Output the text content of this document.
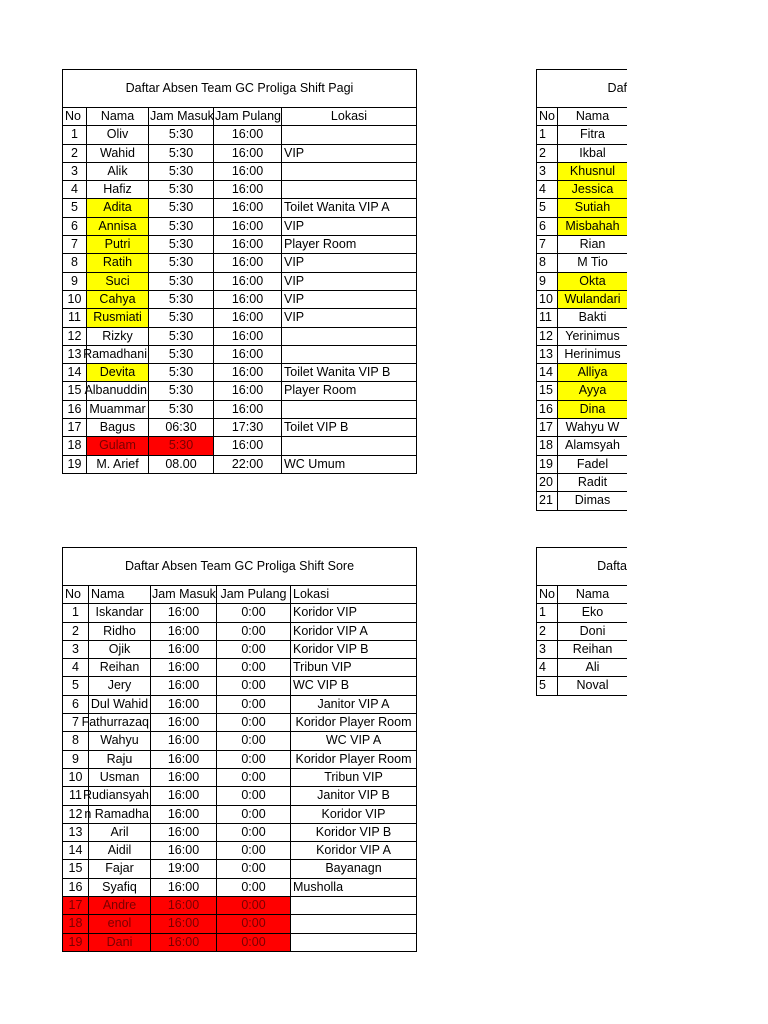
Daftar Absen Team GC Proliga Shift Pagi
No	Nama	Jam Masuk Jam Pulang	Lokasi
1	Oliv	5:30	16:00
2	Wahid	5:30	16:00	VIP
3	Alik	5:30	16:00
4	Hafiz	5:30	16:00
5	Adita	5:30	16:00	Toilet Wanita VIP A
6	Annisa	5:30	16:00	VIP
7	Putri	5:30	16:00	Player Room
8	Ratih	5:30	16:00	VIP
9	Suci	5:30	16:00	VIP
10	Cahya	5:30	16:00	VIP
11 Rusmiati	5:30	16:00	VIP
12	Rizky	5:30	16:00
13 Ramadhani	5:30	16:00
14	Devita	5:30	16:00	Toilet Wanita VIP B
15 Albanuddin	5:30	16:00	Player Room
16 Muammar	5:30	16:00
17	Bagus	06:30	17:30	Toilet VIP B
18	Gulam	5:30	16:00
19	M. Arief	08.00	22:00	WC Umum
Daf
No	Nama
1	Fitra
2	Ikbal
3	Khusnul
4	Jessica
5	Sutiah
6	Misbahah
7	Rian
8	M Tio
9	Okta
10 Wulandari
11	Bakti
12 Yerinimus
13 Herinimus
14	Alliya
15	Ayya
16	Dina
17	Wahyu W
18 Alamsyah
19	Fadel
20	Radit
21	Dimas
Daftar Absen Team GC Proliga Shift Sore
No Nama	Jam Masuk Jam Pulang Lokasi
1	Iskandar	16:00	0:00	Koridor VIP
2	Ridho	16:00	0:00	Koridor VIP A
3	Ojik	16:00	0:00	Koridor VIP B
4	Reihan	16:00	0:00	Tribun VIP
5	Jery	16:00	0:00	WC VIP B
6 Dul Wahid	16:00	0:00	Janitor VIP A
7 Fathurrazaq	16:00	0:00	Koridor Player Room
8	Wahyu	16:00	0:00	WC VIP A
9	Raju	16:00	0:00	Koridor Player Room
10	Usman	16:00	0:00	Tribun VIP
11 Rudiansyah	16:00	0:00	Janitor VIP B
12 n Ramadha	16:00	0:00	Koridor VIP
13	Aril	16:00	0:00	Koridor VIP B
14	Aidil	16:00	0:00	Koridor VIP A
15	Fajar	19:00	0:00	Bayanagn
16	Syafiq	16:00	0:00	Musholla
17	Andre	16:00	0:00
18	enol	16:00	0:00
19	Dani	16:00	0:00
Dafta
No	Nama
1	Eko
2	Doni
3	Reihan
4	Ali
5	Noval
